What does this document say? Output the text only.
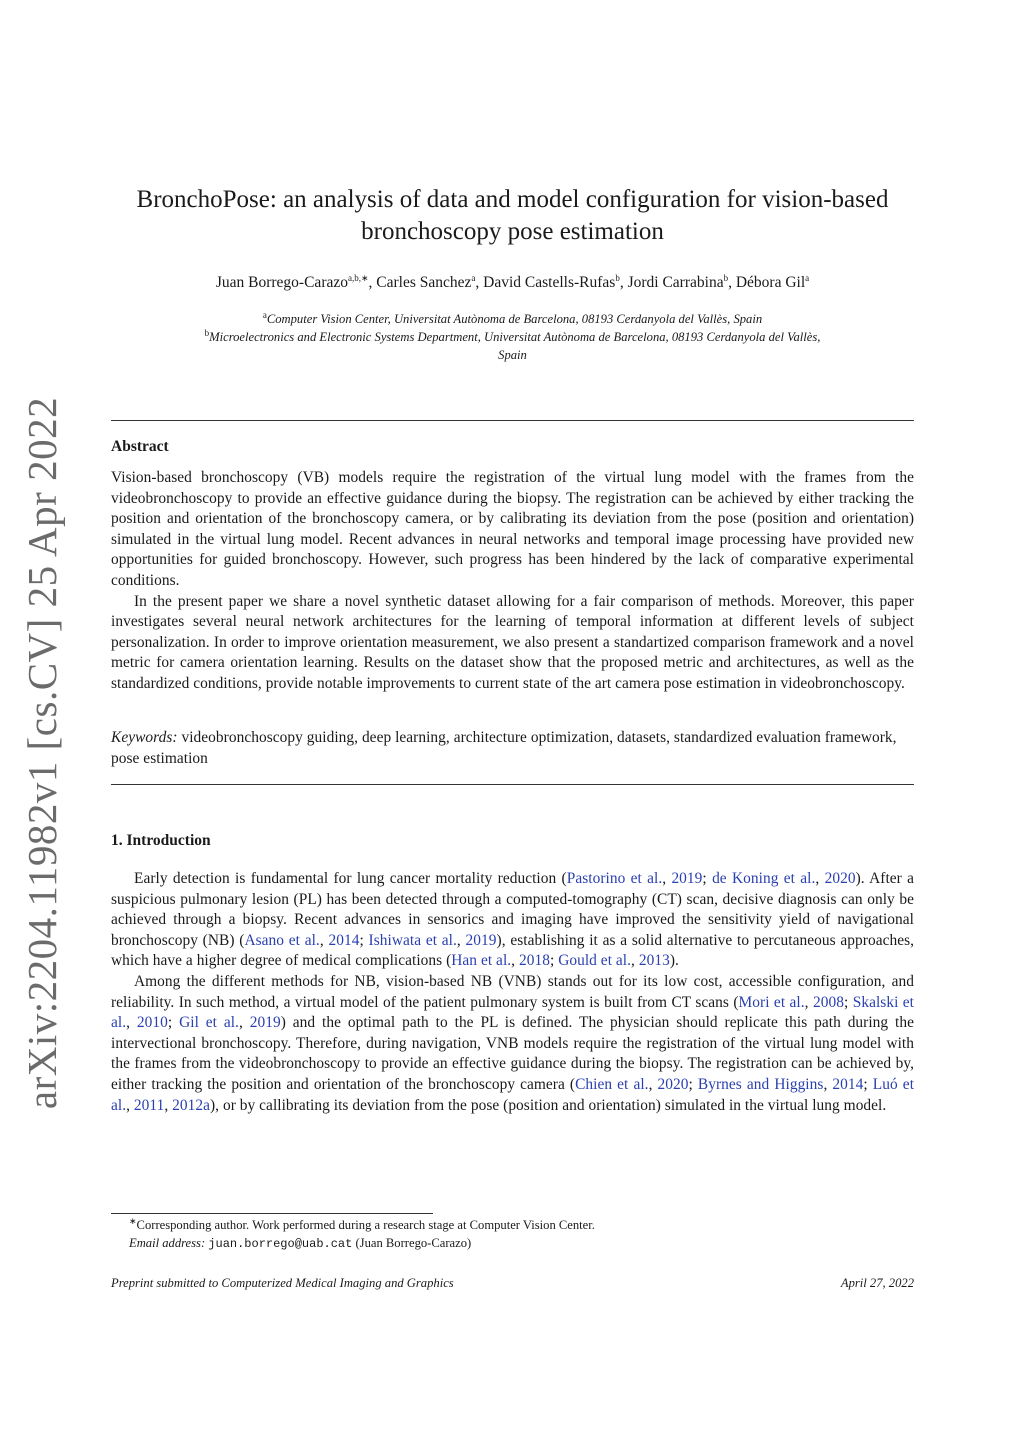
arXiv:2204.11982v1 [cs.CV] 25 Apr 2022
BronchoPose: an analysis of data and model configuration for vision-based
bronchoscopy pose estimation
Juan Borrego-Carazo$^{a,b,∗}$, Carles Sanchez$^a$, David Castells-Rufas$^b$, Jordi Carrabina$^b$, Débora Gil$^a$
$^a$Computer Vision Center, Universitat Autònoma de Barcelona, 08193 Cerdanyola del Vallès, Spain
$^b$Microelectronics and Electronic Systems Department, Universitat Autònoma de Barcelona, 08193 Cerdanyola del Vallès,
Spain
Abstract

Vision-based bronchoscopy (VB) models require the registration of the virtual lung model with the frames from the videobronchoscopy to provide an effective guidance during the biopsy. The registration can be achieved by either tracking the position and orientation of the bronchoscopy camera, or by calibrating its deviation from the pose (position and orientation) simulated in the virtual lung model. Recent advances in neural networks and temporal image processing have provided new opportunities for guided bronchoscopy. However, such progress has been hindered by the lack of comparative experimental conditions.

In the present paper we share a novel synthetic dataset allowing for a fair comparison of methods. Moreover, this paper investigates several neural network architectures for the learning of temporal information at different levels of subject personalization. In order to improve orientation measurement, we also present a standartized comparison framework and a novel metric for camera orientation learning. Results on the dataset show that the proposed metric and architectures, as well as the standardized conditions, provide notable improvements to current state of the art camera pose estimation in videobronchoscopy.

Keywords: videobronchoscopy guiding, deep learning, architecture optimization, datasets, standardized evaluation framework, pose estimation

1. Introduction

Early detection is fundamental for lung cancer mortality reduction (Pastorino et al., 2019; de Koning et al., 2020). After a suspicious pulmonary lesion (PL) has been detected through a computed-tomography (CT) scan, decisive diagnosis can only be achieved through a biopsy. Recent advances in sensorics and imaging have improved the sensitivity yield of navigational bronchoscopy (NB) (Asano et al., 2014; Ishiwata et al., 2019), establishing it as a solid alternative to percutaneous approaches, which have a higher degree of medical complications (Han et al., 2018; Gould et al., 2013).

Among the different methods for NB, vision-based NB (VNB) stands out for its low cost, accessible configuration, and reliability. In such method, a virtual model of the patient pulmonary system is built from CT scans (Mori et al., 2008; Skalski et al., 2010; Gil et al., 2019) and the optimal path to the PL is defined. The physician should replicate this path during the intervectional bronchoscopy. Therefore, during navigation, VNB models require the registration of the virtual lung model with the frames from the videobronchoscopy to provide an effective guidance during the biopsy. The registration can be achieved by, either tracking the position and orientation of the bronchoscopy camera (Chien et al., 2020; Byrnes and Higgins, 2014; Luó et al., 2011, 2012a), or by callibrating its deviation from the pose (position and orientation) simulated in the virtual lung model.

∗Corresponding author. Work performed during a research stage at Computer Vision Center.
Email address: juan.borrego@uab.cat (Juan Borrego-Carazo)
Preprint submitted to Computerized Medical Imaging and Graphics	April 27, 2022
